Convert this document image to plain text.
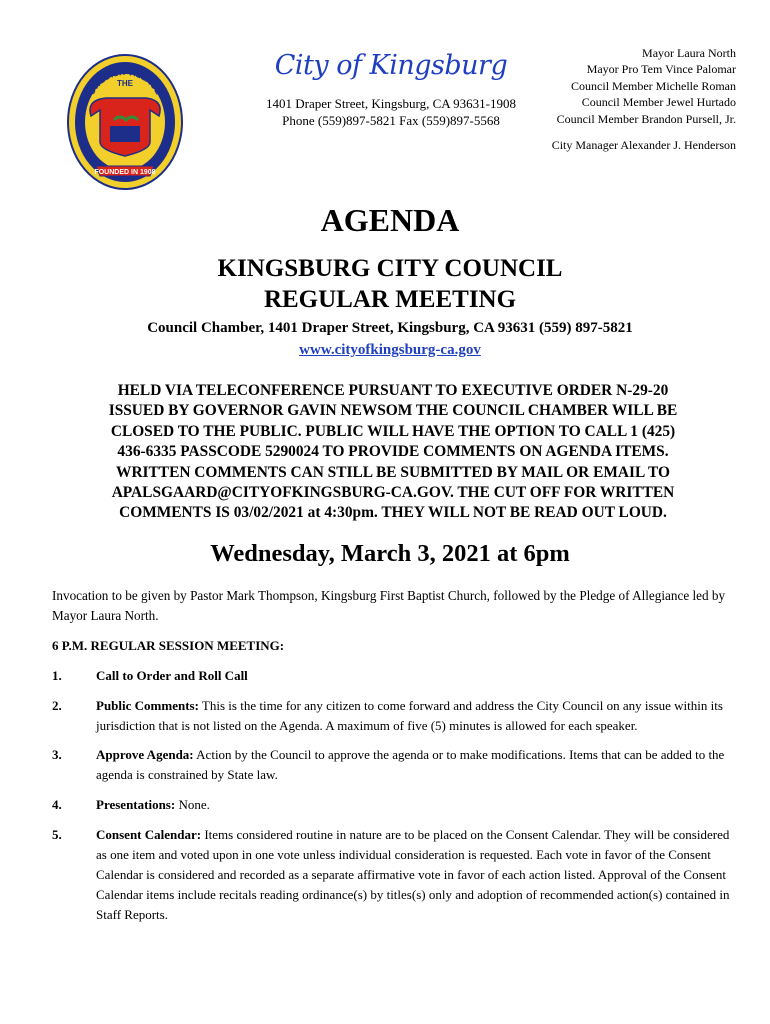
THE
SWEDISH VILLAGE
FOUNDED IN 1908
City of Kingsburg
1401 Draper Street, Kingsburg, CA 93631-1908
Phone (559)897-5821 Fax (559)897-5568
Mayor Laura North
Mayor Pro Tem Vince Palomar
Council Member Michelle Roman
Council Member Jewel Hurtado
Council Member Brandon Pursell, Jr.
City Manager Alexander J. Henderson
AGENDA
KINGSBURG CITY COUNCIL
REGULAR MEETING
Council Chamber, 1401 Draper Street, Kingsburg, CA 93631 (559) 897-5821
www.cityofkingsburg-ca.gov
HELD VIA TELECONFERENCE PURSUANT TO EXECUTIVE ORDER N-29-20
ISSUED BY GOVERNOR GAVIN NEWSOM THE COUNCIL CHAMBER WILL BE
CLOSED TO THE PUBLIC. PUBLIC WILL HAVE THE OPTION TO CALL 1 (425)
436-6335 PASSCODE 5290024 TO PROVIDE COMMENTS ON AGENDA ITEMS.
WRITTEN COMMENTS CAN STILL BE SUBMITTED BY MAIL OR EMAIL TO
APALSGAARD@CITYOFKINGSBURG-CA.GOV. THE CUT OFF FOR WRITTEN
COMMENTS IS 03/02/2021 at 4:30pm. THEY WILL NOT BE READ OUT LOUD.
Wednesday, March 3, 2021 at 6pm
Invocation to be given by Pastor Mark Thompson, Kingsburg First Baptist Church, followed by the Pledge of Allegiance led by Mayor Laura North.
6 P.M. REGULAR SESSION MEETING:
1.	Call to Order and Roll Call
2.	Public Comments: This is the time for any citizen to come forward and address the City Council on any issue within its jurisdiction that is not listed on the Agenda. A maximum of five (5) minutes is allowed for each speaker.
3.	Approve Agenda: Action by the Council to approve the agenda or to make modifications. Items that can be added to the agenda is constrained by State law.
4.	Presentations: None.
5.	Consent Calendar: Items considered routine in nature are to be placed on the Consent Calendar. They will be considered as one item and voted upon in one vote unless individual consideration is requested. Each vote in favor of the Consent Calendar is considered and recorded as a separate affirmative vote in favor of each action listed. Approval of the Consent Calendar items include recitals reading ordinance(s) by titles(s) only and adoption of recommended action(s) contained in Staff Reports.
